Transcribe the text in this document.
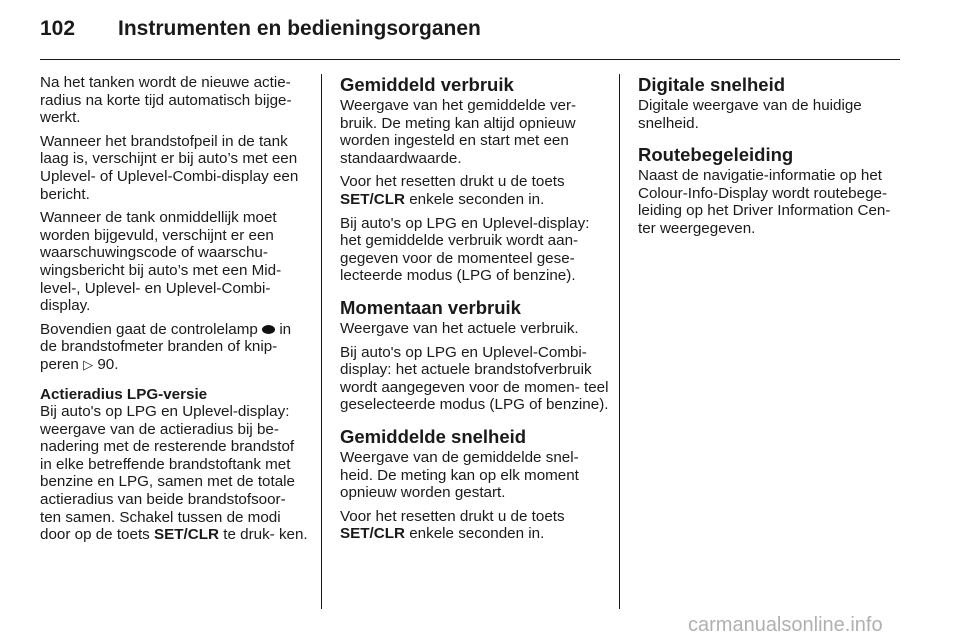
102 Instrumenten en bedieningsorganen

Na het tanken wordt de nieuwe actie- radius na korte tijd automatisch bijge- werkt.

Wanneer het brandstofpeil in de tank laag is, verschijnt er bij auto’s met een Uplevel- of Uplevel-Combi-display een bericht.

Wanneer de tank onmiddellijk moet worden bijgevuld, verschijnt er een waarschuwingscode of waarschu- wingsbericht bij auto’s met een Mid- level-, Uplevel- en Uplevel-Combi- display.

Bovendien gaat de controlelamp in de brandstofmeter branden of knip- peren ▷ 90.

Actieradius LPG-versie

Bij auto's op LPG en Uplevel-display: weergave van de actieradius bij be- nadering met de resterende brandstof in elke betreffende brandstoftank met benzine en LPG, samen met de totale actieradius van beide brandstofsoor- ten samen. Schakel tussen de modi door op de toets SET/CLR te druk- ken.

Gemiddeld verbruik

Weergave van het gemiddelde ver- bruik. De meting kan altijd opnieuw worden ingesteld en start met een standaardwaarde.

Voor het resetten drukt u de toets SET/CLR enkele seconden in.

Bij auto's op LPG en Uplevel-display: het gemiddelde verbruik wordt aan- gegeven voor de momenteel gese- lecteerde modus (LPG of benzine).

Momentaan verbruik

Weergave van het actuele verbruik.

Bij auto's op LPG en Uplevel-Combi- display: het actuele brandstofverbruik wordt aangegeven voor de momen- teel geselecteerde modus (LPG of benzine).

Gemiddelde snelheid

Weergave van de gemiddelde snel- heid. De meting kan op elk moment opnieuw worden gestart.

Voor het resetten drukt u de toets SET/CLR enkele seconden in.

Digitale snelheid

Digitale weergave van de huidige snelheid.

Routebegeleiding

Naast de navigatie-informatie op het Colour-Info-Display wordt routebege- leiding op het Driver Information Cen- ter weergegeven.

carmanualsonline.info
